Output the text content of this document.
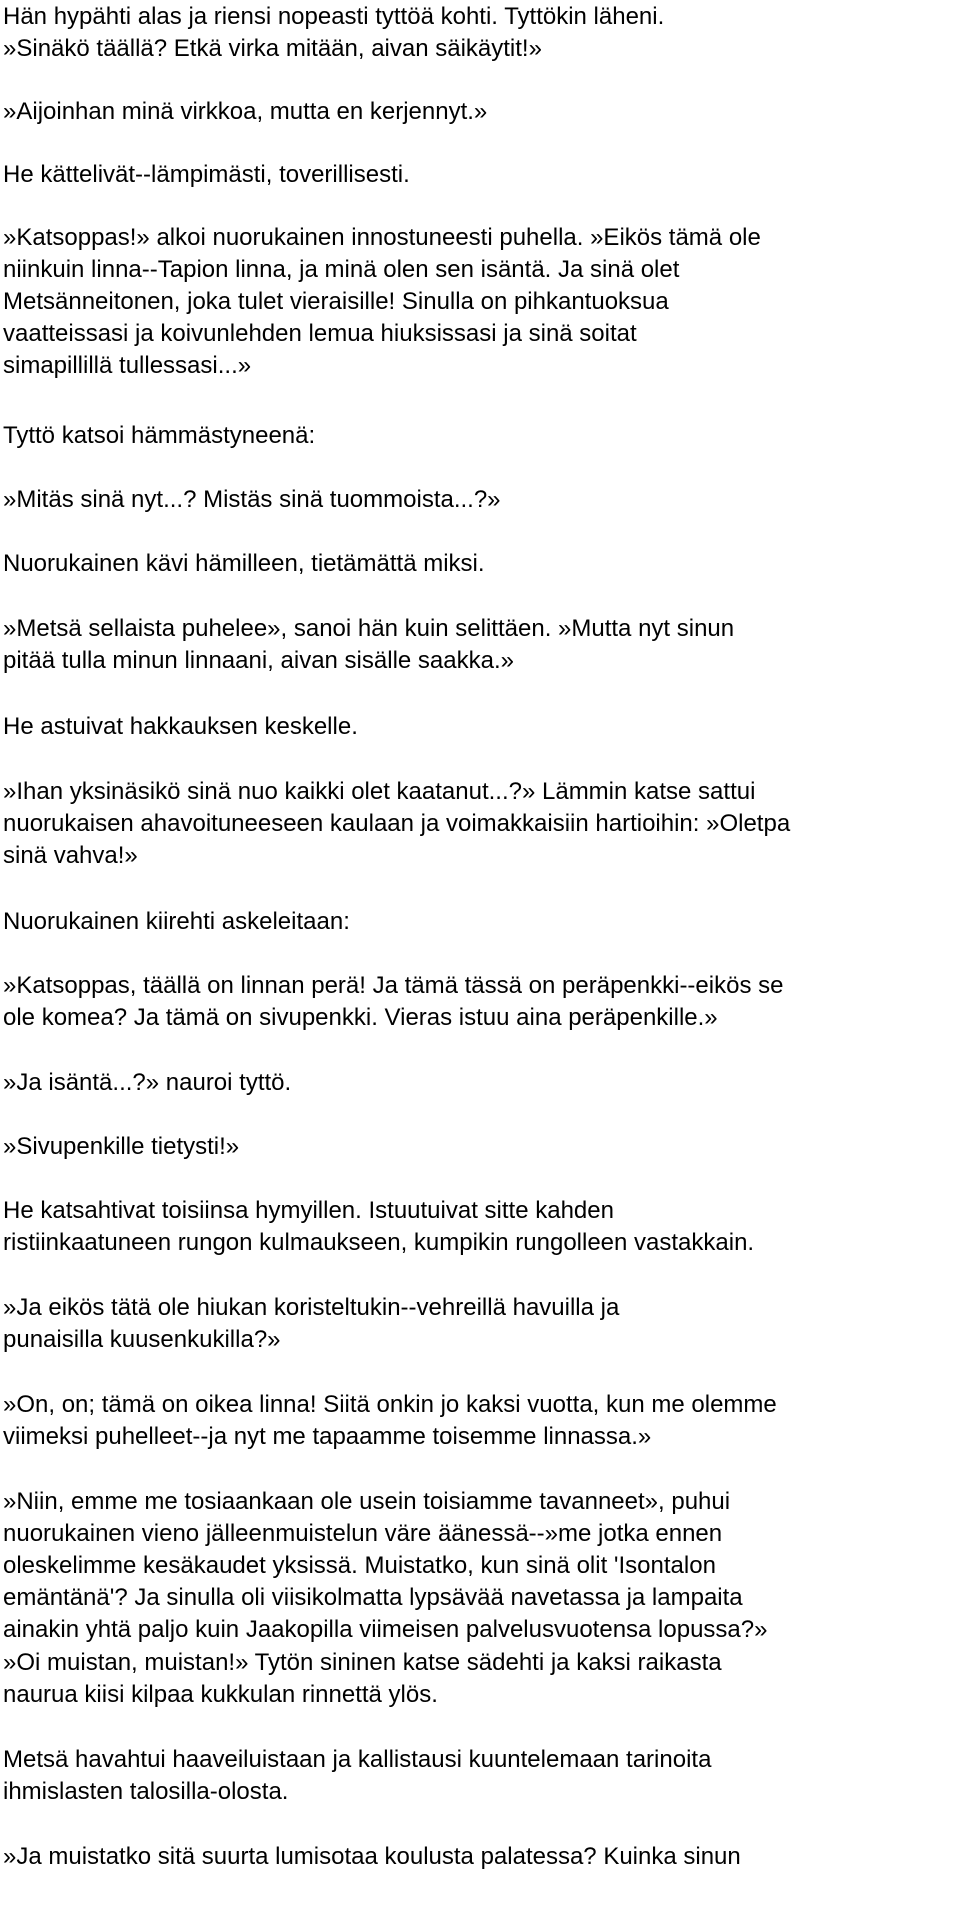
Hän hypähti alas ja riensi nopeasti tyttöä kohti. Tyttökin läheni.
»Sinäkö täällä? Etkä virka mitään, aivan säikäytit!»
»Aijoinhan minä virkkoa, mutta en kerjennyt.»
He kättelivät--lämpimästi, toverillisesti.
»Katsoppas!» alkoi nuorukainen innostuneesti puhella. »Eikös tämä ole
niinkuin linna--Tapion linna, ja minä olen sen isäntä. Ja sinä olet
Metsänneitonen, joka tulet vieraisille! Sinulla on pihkantuoksua
vaatteissasi ja koivunlehden lemua hiuksissasi ja sinä soitat
simapillillä tullessasi...»
Tyttö katsoi hämmästyneenä:
»Mitäs sinä nyt...? Mistäs sinä tuommoista...?»
Nuorukainen kävi hämilleen, tietämättä miksi.
»Metsä sellaista puhelee», sanoi hän kuin selittäen. »Mutta nyt sinun
pitää tulla minun linnaani, aivan sisälle saakka.»
He astuivat hakkauksen keskelle.
»Ihan yksinäsikö sinä nuo kaikki olet kaatanut...?» Lämmin katse sattui
nuorukaisen ahavoituneeseen kaulaan ja voimakkaisiin hartioihin: »Oletpa
sinä vahva!»
Nuorukainen kiirehti askeleitaan:
»Katsoppas, täällä on linnan perä! Ja tämä tässä on peräpenkki--eikös se
ole komea? Ja tämä on sivupenkki. Vieras istuu aina peräpenkille.»
»Ja isäntä...?» nauroi tyttö.
»Sivupenkille tietysti!»
He katsahtivat toisiinsa hymyillen. Istuutuivat sitte kahden
ristiinkaatuneen rungon kulmaukseen, kumpikin rungolleen vastakkain.
»Ja eikös tätä ole hiukan koristeltukin--vehreillä havuilla ja
punaisilla kuusenkukilla?»
»On, on; tämä on oikea linna! Siitä onkin jo kaksi vuotta, kun me olemme
viimeksi puhelleet--ja nyt me tapaamme toisemme linnassa.»
»Niin, emme me tosiaankaan ole usein toisiamme tavanneet», puhui
nuorukainen vieno jälleenmuistelun väre äänessä--»me jotka ennen
oleskelimme kesäkaudet yksissä. Muistatko, kun sinä olit 'Isontalon
emäntänä'? Ja sinulla oli viisikolmatta lypsävää navetassa ja lampaita
ainakin yhtä paljo kuin Jaakopilla viimeisen palvelusvuotensa lopussa?»
»Oi muistan, muistan!» Tytön sininen katse sädehti ja kaksi raikasta
naurua kiisi kilpaa kukkulan rinnettä ylös.
Metsä havahtui haaveiluistaan ja kallistausi kuuntelemaan tarinoita
ihmislasten talosilla-olosta.
»Ja muistatko sitä suurta lumisotaa koulusta palatessa? Kuinka sinun
